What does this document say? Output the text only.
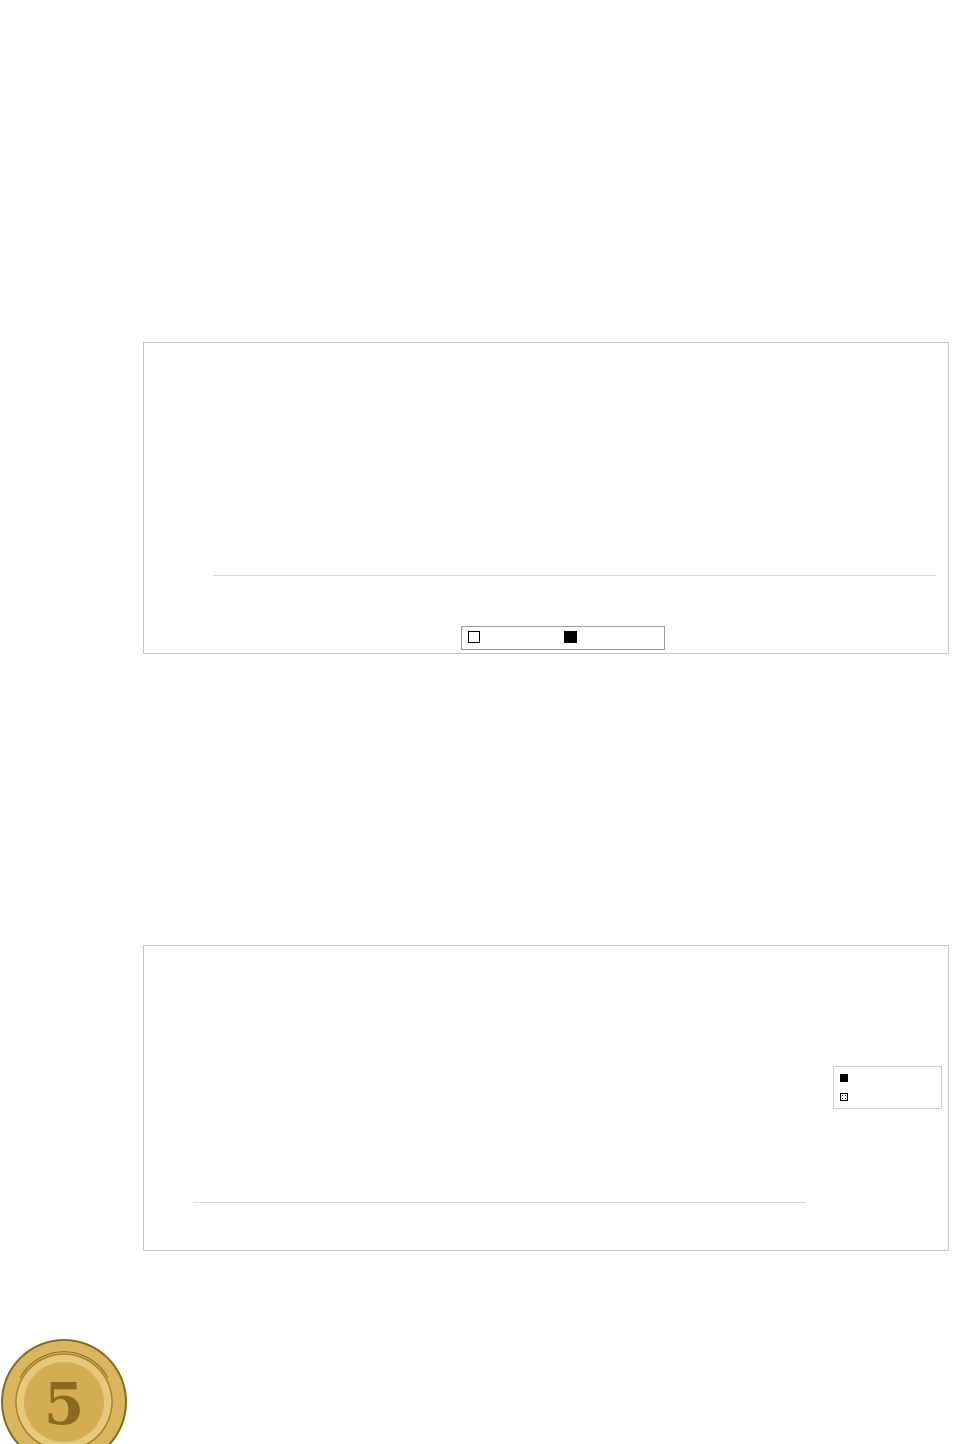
5
